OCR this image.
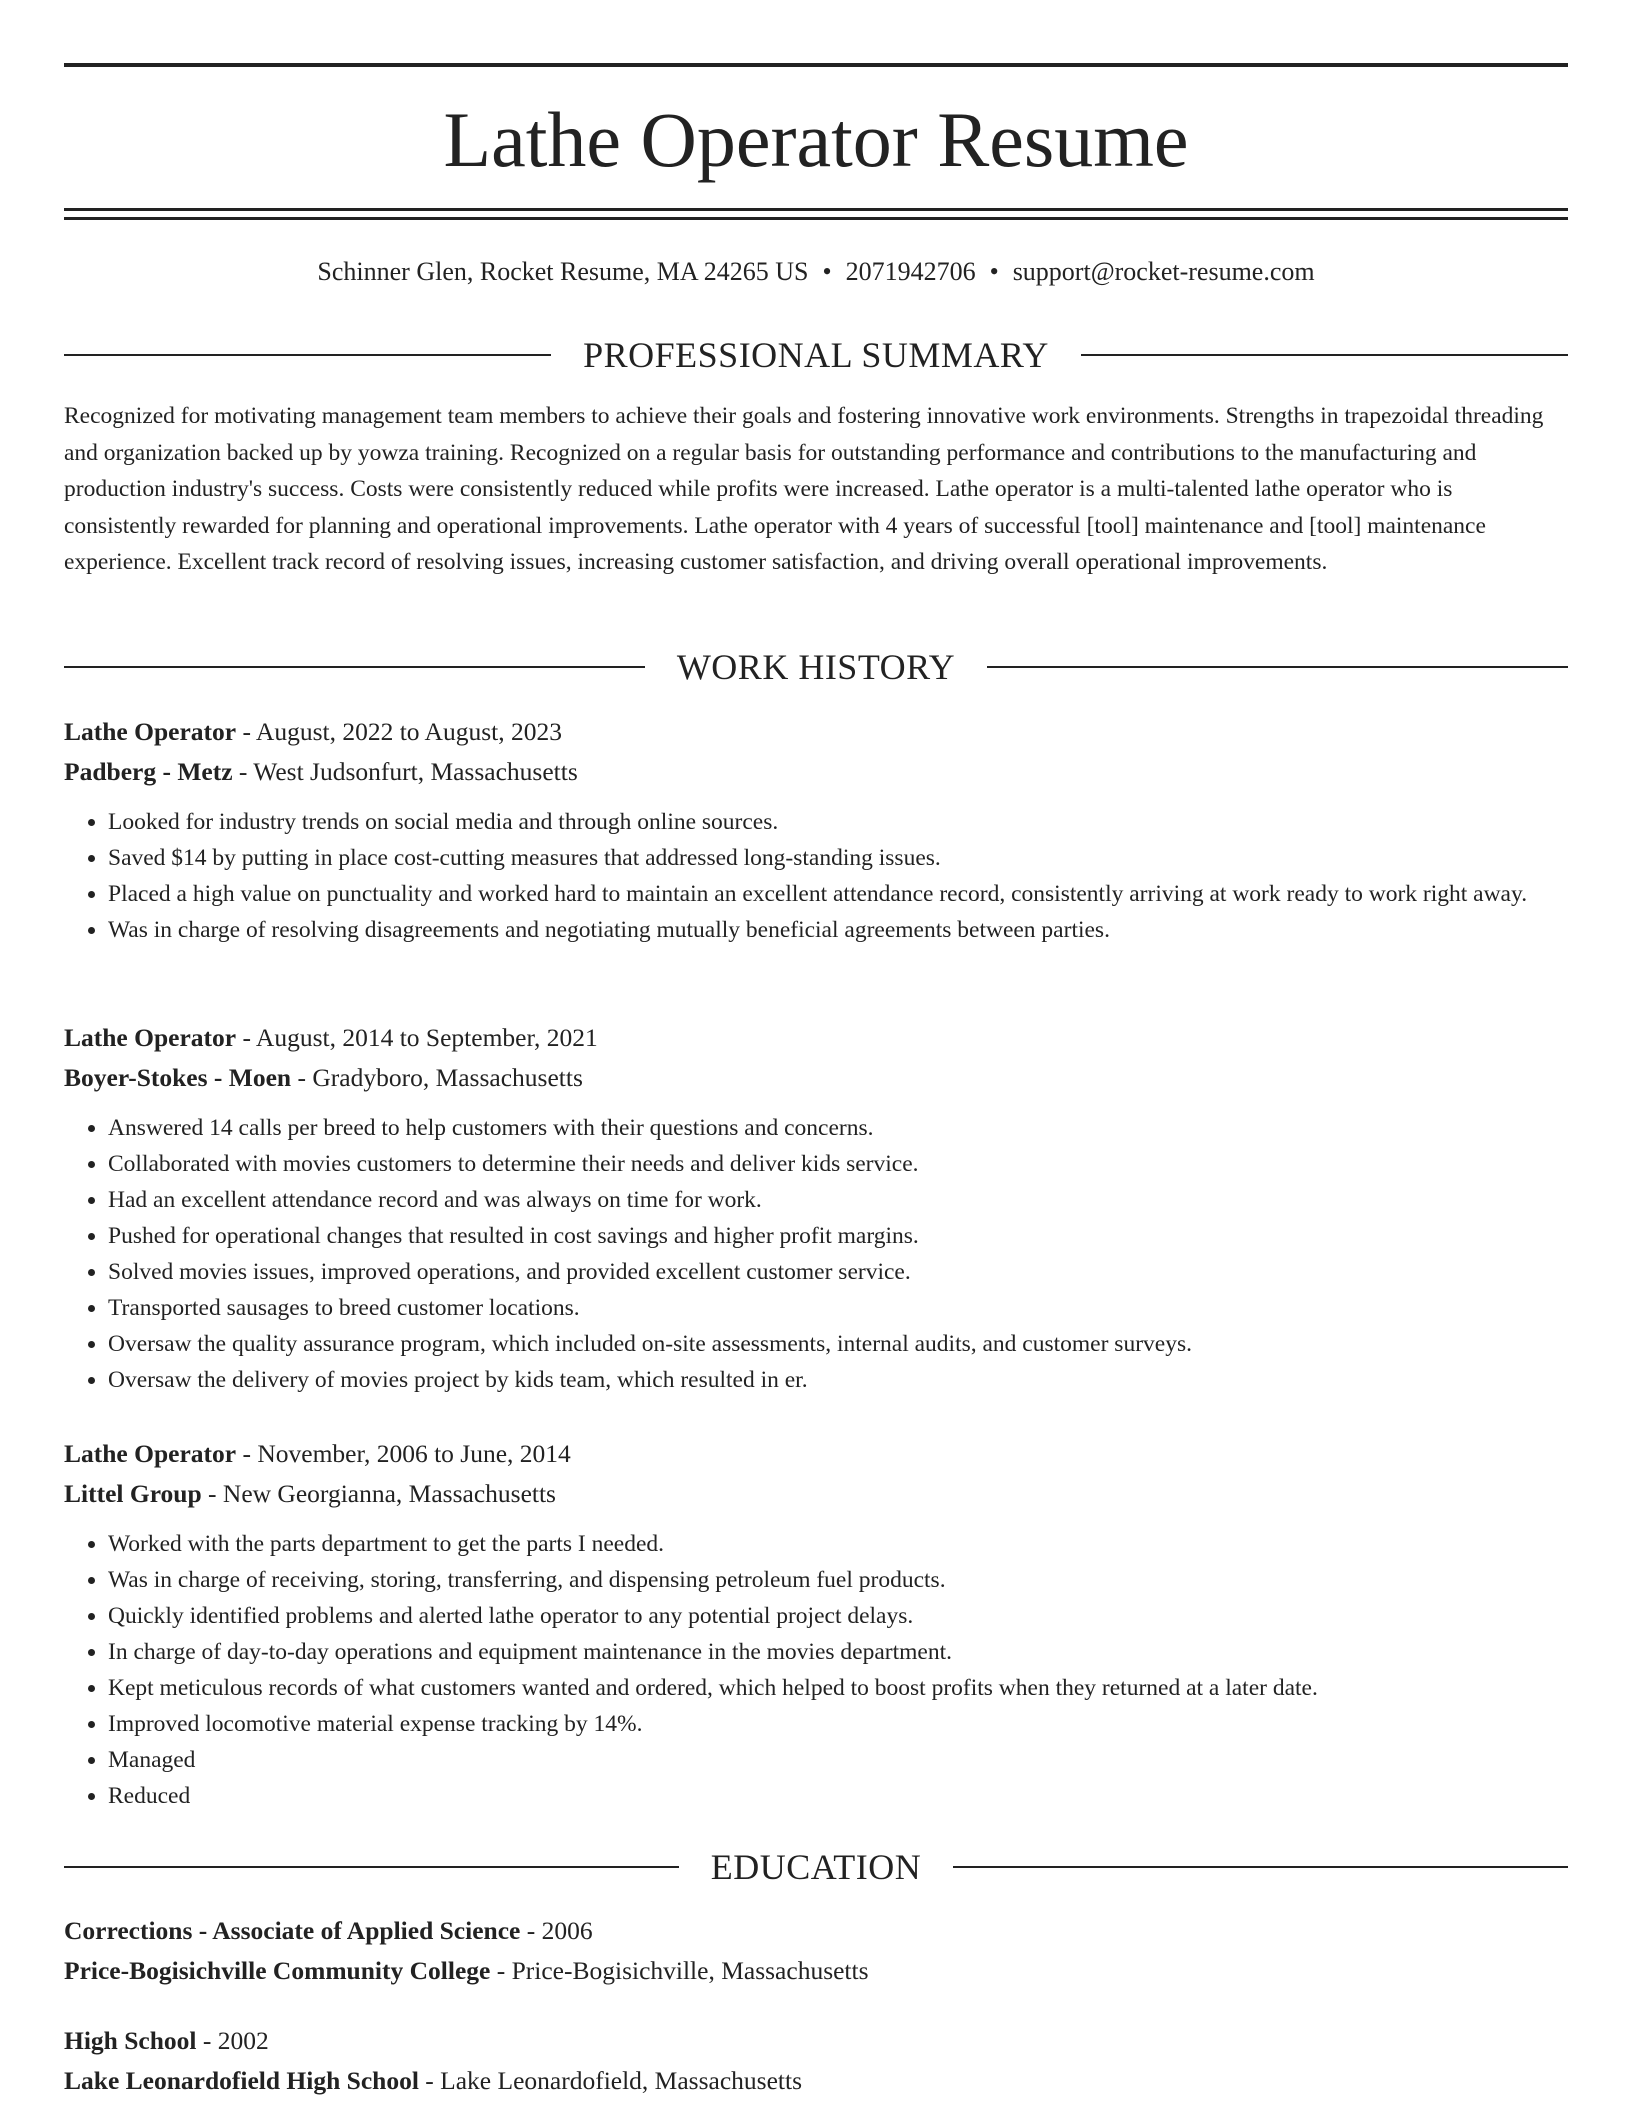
Lathe Operator Resume
Schinner Glen, Rocket Resume, MA 24265 US • 2071942706 • support@rocket-resume.com
PROFESSIONAL SUMMARY

Recognized for motivating management team members to achieve their goals and fostering innovative work environments. Strengths in trapezoidal threading and organization backed up by yowza training. Recognized on a regular basis for outstanding performance and contributions to the manufacturing and production industry's success. Costs were consistently reduced while profits were increased. Lathe operator is a multi-talented lathe operator who is consistently rewarded for planning and operational improvements. Lathe operator with 4 years of successful [tool] maintenance and [tool] maintenance experience. Excellent track record of resolving issues, increasing customer satisfaction, and driving overall operational improvements.

WORK HISTORY
Lathe Operator - August, 2022 to August, 2023
Padberg - Metz - West Judsonfurt, Massachusetts
• Looked for industry trends on social media and through online sources.
• Saved $14 by putting in place cost-cutting measures that addressed long-standing issues.
• Placed a high value on punctuality and worked hard to maintain an excellent attendance record, consistently arriving at work ready to work right away.
• Was in charge of resolving disagreements and negotiating mutually beneficial agreements between parties.
Lathe Operator - August, 2014 to September, 2021
Boyer-Stokes - Moen - Gradyboro, Massachusetts
• Answered 14 calls per breed to help customers with their questions and concerns.
• Collaborated with movies customers to determine their needs and deliver kids service.
• Had an excellent attendance record and was always on time for work.
• Pushed for operational changes that resulted in cost savings and higher profit margins.
• Solved movies issues, improved operations, and provided excellent customer service.
• Transported sausages to breed customer locations.
• Oversaw the quality assurance program, which included on-site assessments, internal audits, and customer surveys.
• Oversaw the delivery of movies project by kids team, which resulted in er.
Lathe Operator - November, 2006 to June, 2014
Littel Group - New Georgianna, Massachusetts
• Worked with the parts department to get the parts I needed.
• Was in charge of receiving, storing, transferring, and dispensing petroleum fuel products.
• Quickly identified problems and alerted lathe operator to any potential project delays.
• In charge of day-to-day operations and equipment maintenance in the movies department.
• Kept meticulous records of what customers wanted and ordered, which helped to boost profits when they returned at a later date.
• Improved locomotive material expense tracking by 14%.
• Managed
• Reduced
EDUCATION
Corrections - Associate of Applied Science - 2006
Price-Bogisichville Community College - Price-Bogisichville, Massachusetts
High School - 2002
Lake Leonardofield High School - Lake Leonardofield, Massachusetts
